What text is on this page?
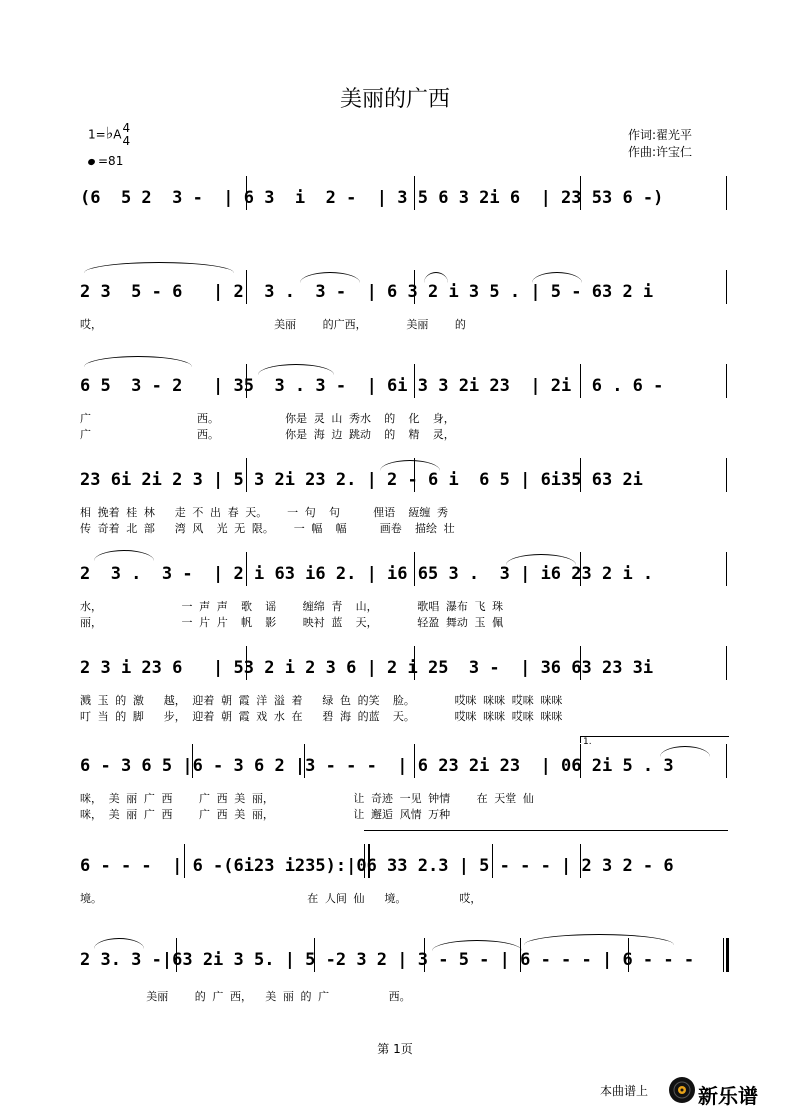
美丽的广西
1=♭A4
4
=81
作词:翟光平
作曲:许宝仁
(6  5 2  3 -  | 6 3  i  2 -  | 3 5 6 3 2i 6  | 23 53 6 -)
2 3  5 - 6   | 2  3 .  3 -  | 6 3 2 i 3 5 . | 5 - 63 2 i
哎，                          美丽    的广西，      美丽    的
6 5  3 - 2   | 35  3 . 3 -  | 6i 3 3 2i 23  | 2i  6 . 6 -
广                西。          你是 灵 山 秀水  的  化  身，
广                西。          你是 海 边 跳动  的  精  灵，
23 6i 2i 2 3 | 5 3 2i 23 2. | 2 - 6 i  6 5 | 6i35 63 2i
相 挽着 桂 林   走 不 出 春 天。   一 句  句     俚语  絚缠 秀
传 奇着 北 部   湾 风  光 无 限。   一 幅  幅     画卷  描绘 壮
2  3 .  3 -  | 2 i 63 i6 2. | i6 65 3 .  3 | i6 23 2 i .
水，            一 声 声  歌  谣    缠绵 青  山，      歌唱 瀑布 飞 珠
丽，            一 片 片  帆  影    映衬 蓝  天，      轻盈 舞动 玉 佩
2 3 i 23 6   | 53 2 i 2 3 6 | 2 i 25  3 -  | 36 63 23 3i
溅 玉 的 激   越， 迎着 朝 霞 洋 溢 着   绿 色 的笑  脸。      哎咪 咪咪 哎咪 咪咪
叮 当 的 脚   步， 迎着 朝 霞 戏 水 在   碧 海 的蓝  天。      哎咪 咪咪 哎咪 咪咪
1.
6 - 3 6 5 |6 - 3 6 2 |3 - - -  | 6 23 2i 23  | 06 2i 5 . 3
咪， 美 丽 广 西    广 西 美 丽，            让 奇迹 一见 钟情    在 天堂 仙
咪， 美 丽 广 西    广 西 美 丽，            让 邂逅 风情 万种
6 - - -  | 6 -(6i23 i235):|06 33 2.3 | 5 - - - | 2 3 2 - 6
境。                               在 人间 仙   境。        哎，
2 3. 3 -|63 2i 3 5. | 5 -2 3 2 | 3 - 5 - | 6 - - - | 6 - - -
美丽    的 广 西，  美 丽 的 广         西。
第 1页
本曲谱上 新乐谱
